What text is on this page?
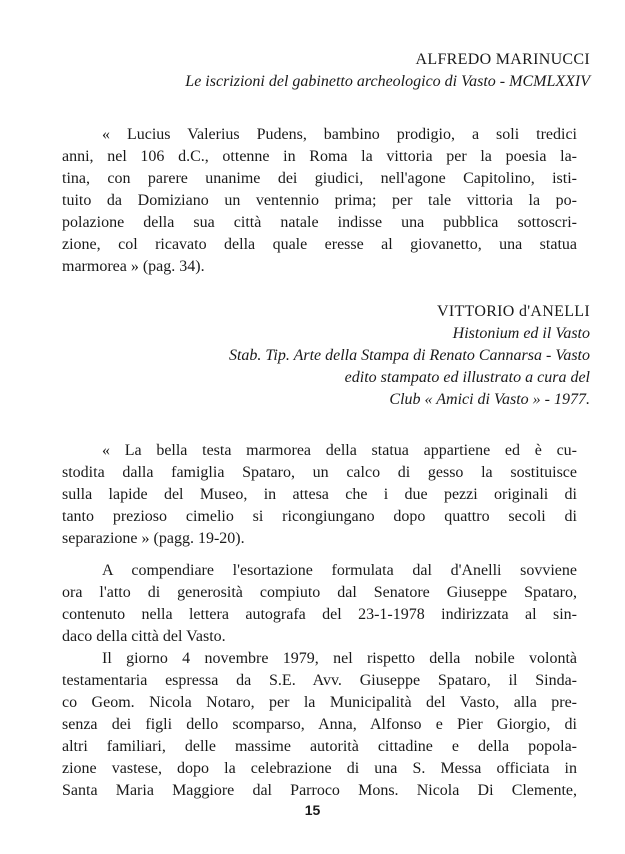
ALFREDO MARINUCCI
Le iscrizioni del gabinetto archeologico di Vasto - MCMLXXIV
« Lucius Valerius Pudens, bambino prodigio, a soli tredici
anni, nel 106 d.C., ottenne in Roma la vittoria per la poesia la-
tina, con parere unanime dei giudici, nell'agone Capitolino, isti-
tuito da Domiziano un ventennio prima; per tale vittoria la po-
polazione della sua città natale indisse una pubblica sottoscri-
zione, col ricavato della quale eresse al giovanetto, una statua
marmorea » (pag. 34).
VITTORIO d'ANELLI
Histonium ed il Vasto
Stab. Tip. Arte della Stampa di Renato Cannarsa - Vasto
edito stampato ed illustrato a cura del
Club « Amici di Vasto » - 1977.
« La bella testa marmorea della statua appartiene ed è cu-
stodita dalla famiglia Spataro, un calco di gesso la sostituisce
sulla lapide del Museo, in attesa che i due pezzi originali di
tanto prezioso cimelio si ricongiungano dopo quattro secoli di
separazione » (pagg. 19-20).
A compendiare l'esortazione formulata dal d'Anelli sovviene
ora l'atto di generosità compiuto dal Senatore Giuseppe Spataro,
contenuto nella lettera autografa del 23-1-1978 indirizzata al sin-
daco della città del Vasto.
Il giorno 4 novembre 1979, nel rispetto della nobile volontà
testamentaria espressa da S.E. Avv. Giuseppe Spataro, il Sinda-
co Geom. Nicola Notaro, per la Municipalità del Vasto, alla pre-
senza dei figli dello scomparso, Anna, Alfonso e Pier Giorgio, di
altri familiari, delle massime autorità cittadine e della popola-
zione vastese, dopo la celebrazione di una S. Messa officiata in
Santa Maria Maggiore dal Parroco Mons. Nicola Di Clemente,
15
